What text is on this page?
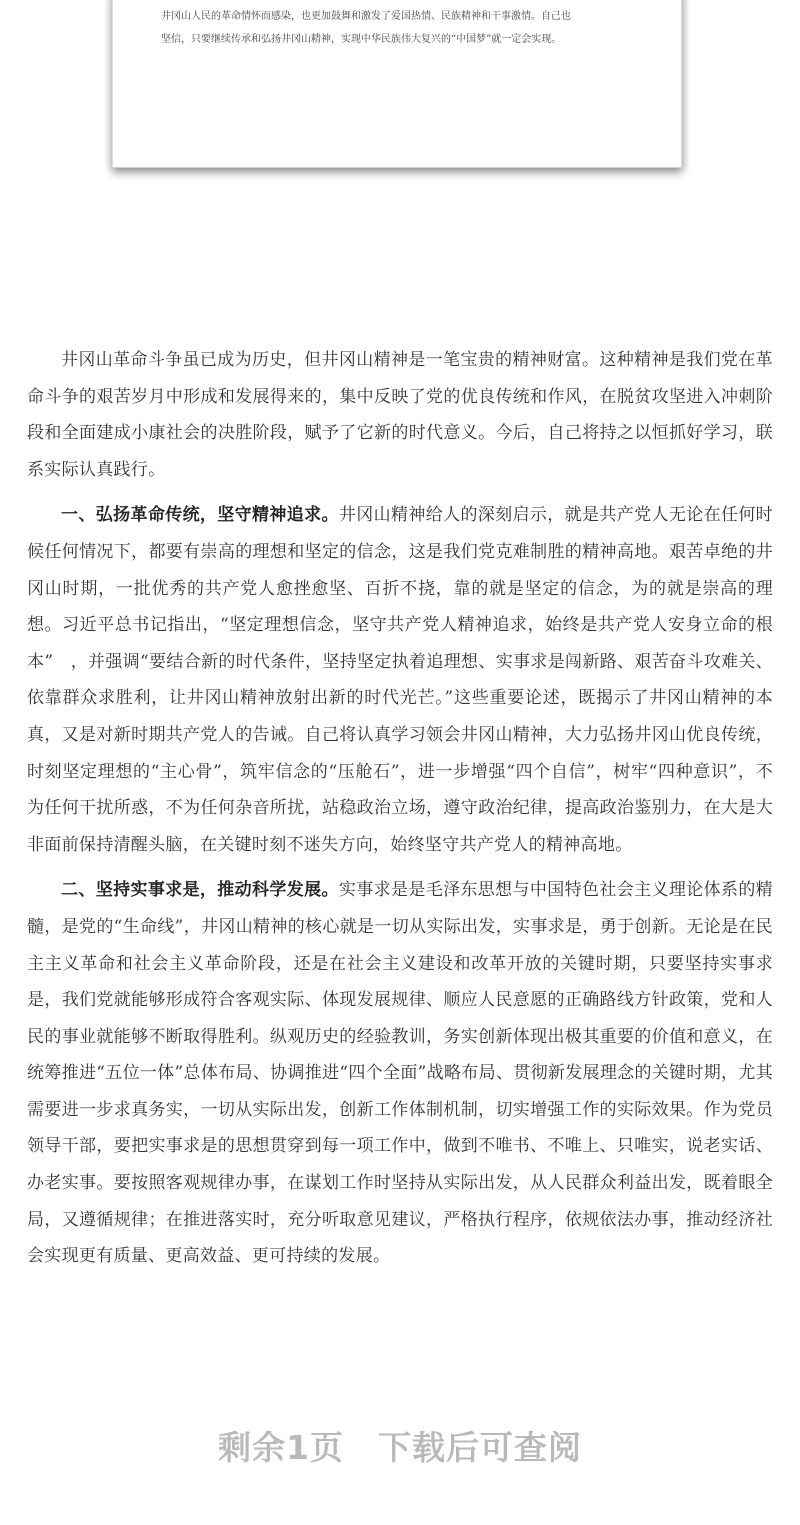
井冈山人民的革命情怀而感染，也更加鼓舞和激发了爱国热情、民族精神和干事激情。自己也
坚信，只要继续传承和弘扬井冈山精神，实现中华民族伟大复兴的“中国梦”就一定会实现。

井冈山革命斗争虽已成为历史，但井冈山精神是一笔宝贵的精神财富。这种精神是我们党在革命斗争的艰苦岁月中形成和发展得来的，集中反映了党的优良传统和作风，在脱贫攻坚进入冲刺阶段和全面建成小康社会的决胜阶段，赋予了它新的时代意义。今后，自己将持之以恒抓好学习，联系实际认真践行。

一、弘扬革命传统，坚守精神追求。井冈山精神给人的深刻启示，就是共产党人无论在任何时候任何情况下，都要有崇高的理想和坚定的信念，这是我们党克难制胜的精神高地。艰苦卓绝的井冈山时期，一批优秀的共产党人愈挫愈坚、百折不挠，靠的就是坚定的信念，为的就是崇高的理想。习近平总书记指出，“坚定理想信念，坚守共产党人精神追求，始终是共产党人安身立命的根本”　，并强调“要结合新的时代条件，坚持坚定执着追理想、实事求是闯新路、艰苦奋斗攻难关、依靠群众求胜利，让井冈山精神放射出新的时代光芒。”这些重要论述，既揭示了井冈山精神的本真，又是对新时期共产党人的告诫。自己将认真学习领会井冈山精神，大力弘扬井冈山优良传统，时刻坚定理想的“主心骨”，筑牢信念的“压舱石”，进一步增强“四个自信”，树牢“四种意识”，不为任何干扰所惑，不为任何杂音所扰，站稳政治立场，遵守政治纪律，提高政治鉴别力，在大是大非面前保持清醒头脑，在关键时刻不迷失方向，始终坚守共产党人的精神高地。

二、坚持实事求是，推动科学发展。实事求是是毛泽东思想与中国特色社会主义理论体系的精髓，是党的“生命线”，井冈山精神的核心就是一切从实际出发，实事求是，勇于创新。无论是在民主主义革命和社会主义革命阶段，还是在社会主义建设和改革开放的关键时期，只要坚持实事求是，我们党就能够形成符合客观实际、体现发展规律、顺应人民意愿的正确路线方针政策，党和人民的事业就能够不断取得胜利。纵观历史的经验教训，务实创新体现出极其重要的价值和意义，在统筹推进“五位一体”总体布局、协调推进“四个全面”战略布局、贯彻新发展理念的关键时期，尤其需要进一步求真务实，一切从实际出发，创新工作体制机制，切实增强工作的实际效果。作为党员领导干部，要把实事求是的思想贯穿到每一项工作中，做到不唯书、不唯上、只唯实，说老实话、办老实事。要按照客观规律办事，在谋划工作时坚持从实际出发，从人民群众利益出发，既着眼全局，又遵循规律；在推进落实时，充分听取意见建议，严格执行程序，依规依法办事，推动经济社会实现更有质量、更高效益、更可持续的发展。

剩余1页 下载后可查阅
